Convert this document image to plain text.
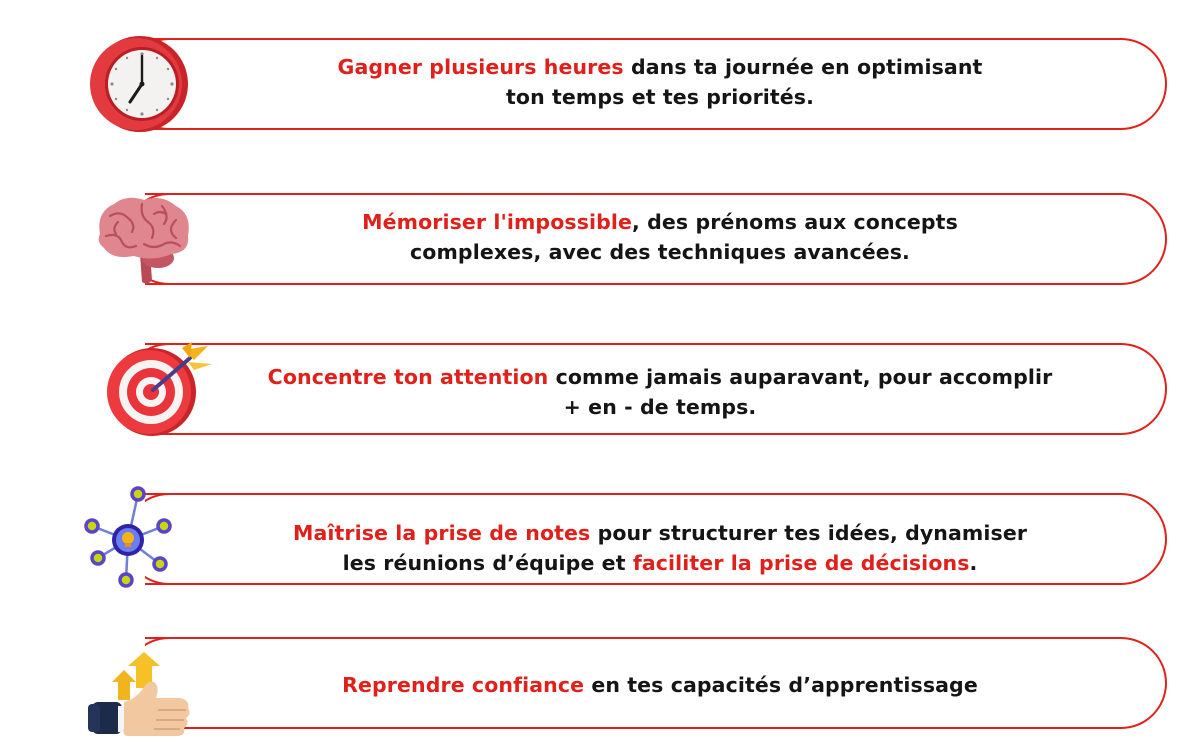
Gagner plusieurs heures dans ta journée en optimisant
ton temps et tes priorités.
Mémoriser l'impossible, des prénoms aux concepts
complexes, avec des techniques avancées.
Concentre ton attention comme jamais auparavant, pour accomplir
+ en - de temps.
Maîtrise la prise de notes pour structurer tes idées, dynamiser
les réunions d’équipe et faciliter la prise de décisions.
Reprendre confiance en tes capacités d’apprentissage
